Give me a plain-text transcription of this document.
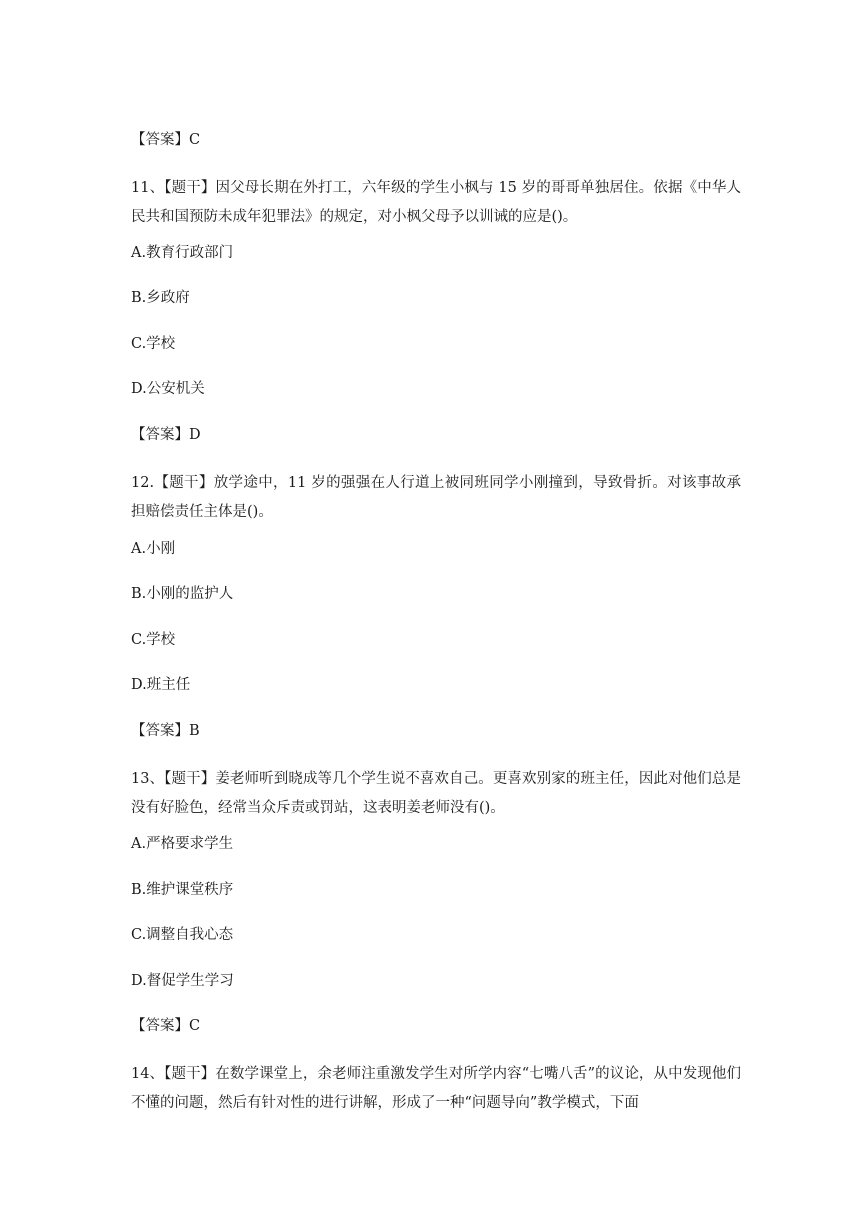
【答案】C
11、【题干】因父母长期在外打工，六年级的学生小枫与 15 岁的哥哥单独居住。依据《中华人民共和国预防未成年犯罪法》的规定，对小枫父母予以训诫的应是()。
A.教育行政部门
B.乡政府
C.学校
D.公安机关
【答案】D
12.【题干】放学途中，11 岁的强强在人行道上被同班同学小刚撞到，导致骨折。对该事故承担赔偿责任主体是()。
A.小刚
B.小刚的监护人
C.学校
D.班主任
【答案】B
13、【题干】姜老师听到晓成等几个学生说不喜欢自己。更喜欢别家的班主任，因此对他们总是没有好脸色，经常当众斥责或罚站，这表明姜老师没有()。
A.严格要求学生
B.维护课堂秩序
C.调整自我心态
D.督促学生学习
【答案】C
14、【题干】在数学课堂上，余老师注重激发学生对所学内容“七嘴八舌”的议论，从中发现他们不懂的问题，然后有针对性的进行讲解，形成了一种“问题导向”教学模式，下面
